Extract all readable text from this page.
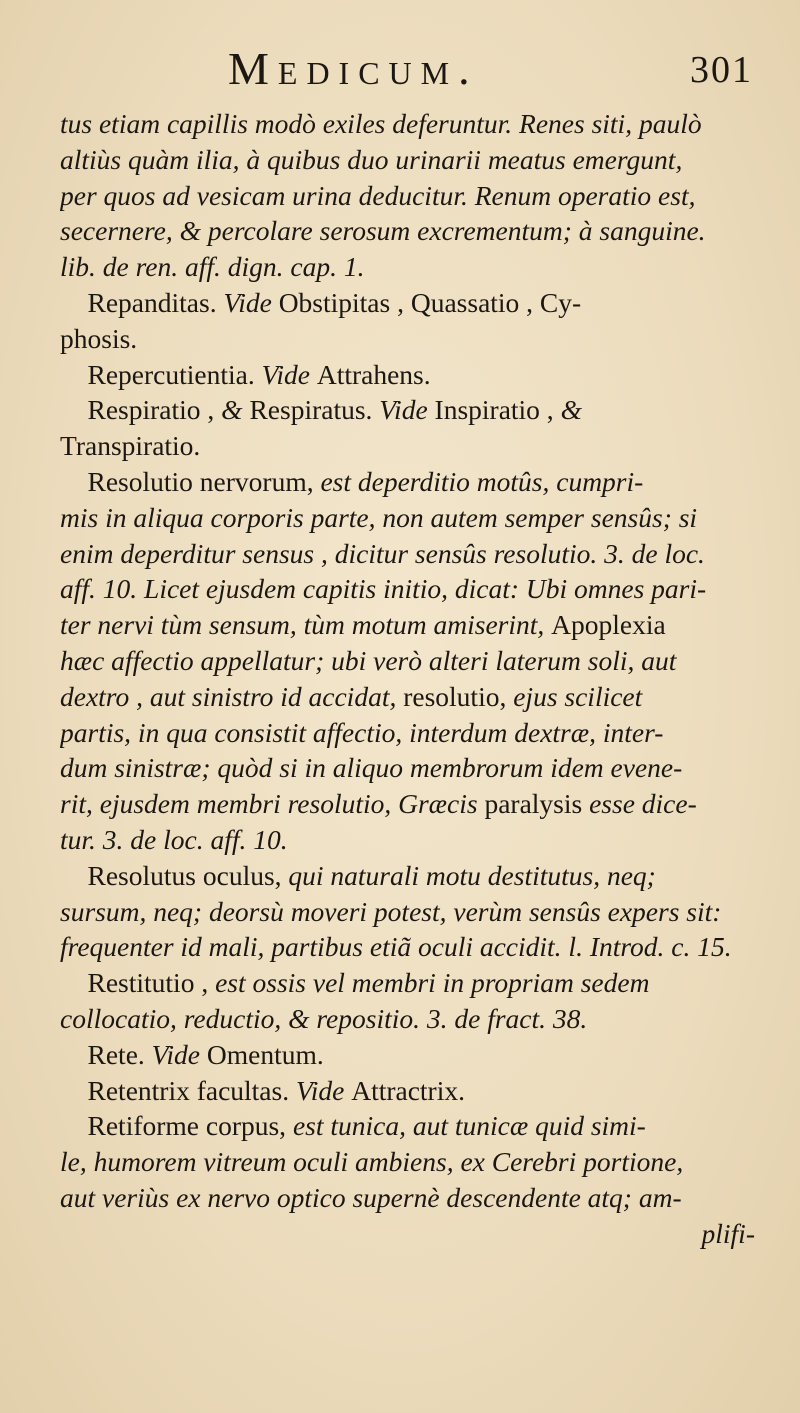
Medicum.	301
tus etiam capillis modò exiles deferuntur. Renes siti, paulò
altiùs quàm ilia, à quibus duo urinarii meatus emergunt,
per quos ad vesicam urina deducitur. Renum operatio est,
secernere, & percolare serosum excrementum; à sanguine.
lib. de ren. aff. dign. cap. 1.
 Repanditas. Vide Obstipitas , Quassatio , Cy-
phosis.
 Repercutientia. Vide Attrahens.
 Respiratio , & Respiratus. Vide Inspiratio , &
Transpiratio.
 Resolutio nervorum, est deperditio motûs, cumpri-
mis in aliqua corporis parte, non autem semper sensûs; si
enim deperditur sensus , dicitur sensûs resolutio. 3. de loc.
aff. 10. Licet ejusdem capitis initio, dicat: Ubi omnes pari-
ter nervi tùm sensum, tùm motum amiserint, Apoplexia
hæc affectio appellatur; ubi verò alteri laterum soli, aut
dextro , aut sinistro id accidat, resolutio, ejus scilicet
partis, in qua consistit affectio, interdum dextræ, inter-
dum sinistræ; quòd si in aliquo membrorum idem evene-
rit, ejusdem membri resolutio, Græcis paralysis esse dice-
tur. 3. de loc. aff. 10.
 Resolutus oculus, qui naturali motu destitutus, neq;
sursum, neq; deorsù moveri potest, verùm sensûs expers sit:
frequenter id mali, partibus etiã oculi accidit. l. Introd. c. 15.
 Restitutio , est ossis vel membri in propriam sedem
collocatio, reductio, & repositio. 3. de fract. 38.
 Rete. Vide Omentum.
 Retentrix facultas. Vide Attractrix.
 Retiforme corpus, est tunica, aut tunicæ quid simi-
le, humorem vitreum oculi ambiens, ex Cerebri portione,
aut veriùs ex nervo optico supernè descendente atq; am-
plifi-
